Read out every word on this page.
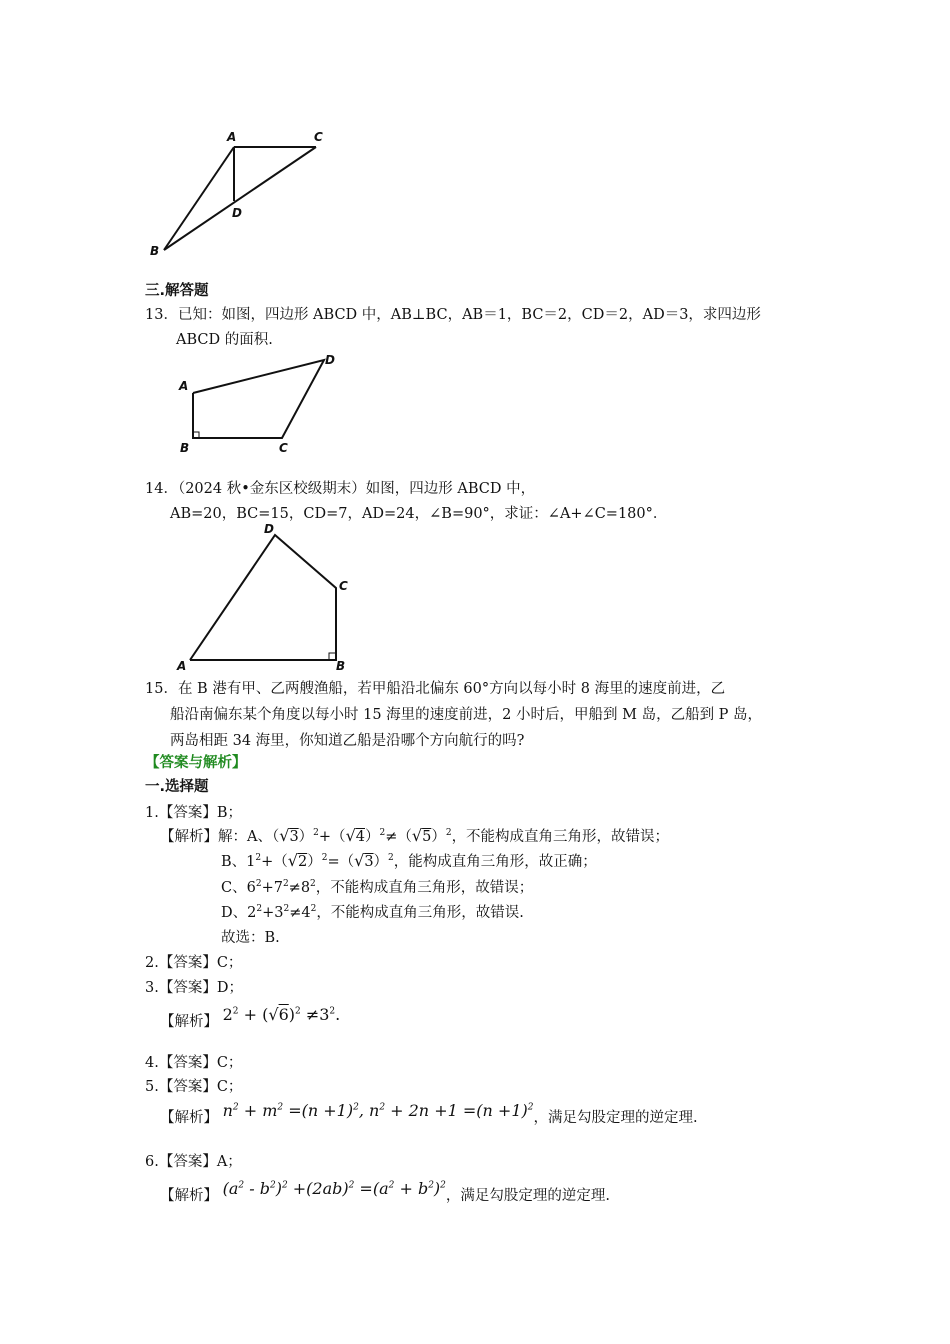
A	C
D
B
三.解答题
13．已知：如图，四边形 ABCD 中，AB⊥BC，AB＝1，BC＝2，CD＝2，AD＝3，求四边形
ABCD 的面积.
A
B	C
D
14．（2024 秋•金东区校级期末）如图，四边形 ABCD 中，
AB=20，BC=15，CD=7，AD=24，∠B=90°，求证：∠A+∠C=180°．
D
C
A	B
15．在 B 港有甲、乙两艘渔船，若甲船沿北偏东 60°方向以每小时 8 海里的速度前进，乙
船沿南偏东某个角度以每小时 15 海里的速度前进，2 小时后，甲船到 M 岛，乙船到 P 岛，
两岛相距 34 海里，你知道乙船是沿哪个方向航行的吗?
【答案与解析】
一.选择题
1.【答案】B；
【解析】解：A、$(√3)^2+(√4)^2\ne(√5)^2$，不能构成直角三角形，故错误；
B、$1^2+(√2)^2=(√3)^2$，能构成直角三角形，故正确；
C、$6^2+7^2\ne 8^2$，不能构成直角三角形，故错误；
D、$2^2+3^2\ne 4^2$，不能构成直角三角形，故错误.
故选：B.
2.【答案】C；
3.【答案】D；
【解析】 $2^2 + (√6)^2 \ne 3^2$.
4.【答案】C；
5.【答案】C；
【解析】 $n^2 + m^2 =(n +1)^2$, $n^2 + 2n +1 =(n +1)^2$，满足勾股定理的逆定理.
6.【答案】A；
【解析】 $(a^2 - b^2)^2 +(2ab)^2 =(a^2 + b^2)^2$，满足勾股定理的逆定理.
